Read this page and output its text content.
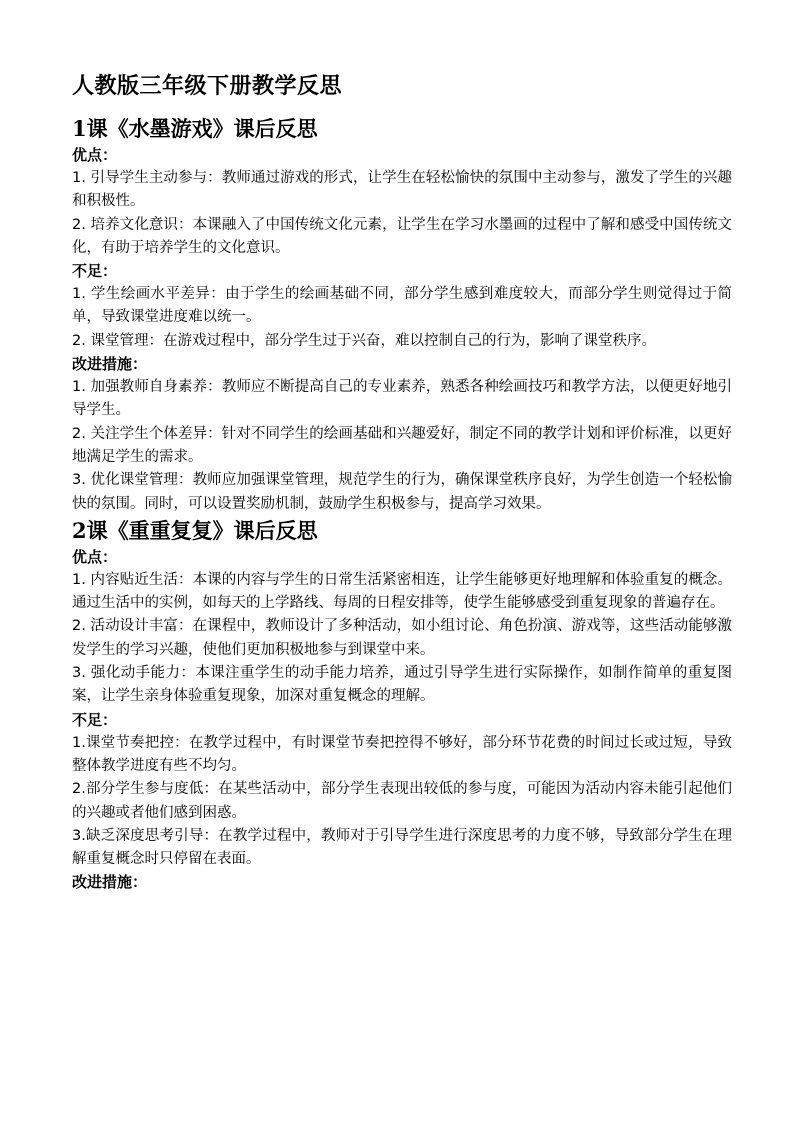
人教版三年级下册教学反思
1课《水墨游戏》课后反思

优点：

1. 引导学生主动参与：教师通过游戏的形式，让学生在轻松愉快的氛围中主动参与，激发了学生的兴趣和积极性。

2. 培养文化意识：本课融入了中国传统文化元素，让学生在学习水墨画的过程中了解和感受中国传统文化，有助于培养学生的文化意识。

不足：

1. 学生绘画水平差异：由于学生的绘画基础不同，部分学生感到难度较大，而部分学生则觉得过于简单，导致课堂进度难以统一。

2. 课堂管理：在游戏过程中，部分学生过于兴奋，难以控制自己的行为，影响了课堂秩序。

改进措施：

1. 加强教师自身素养：教师应不断提高自己的专业素养，熟悉各种绘画技巧和教学方法，以便更好地引导学生。

2. 关注学生个体差异：针对不同学生的绘画基础和兴趣爱好，制定不同的教学计划和评价标准，以更好地满足学生的需求。

3. 优化课堂管理：教师应加强课堂管理，规范学生的行为，确保课堂秩序良好，为学生创造一个轻松愉快的氛围。同时，可以设置奖励机制，鼓励学生积极参与，提高学习效果。

2课《重重复复》课后反思

优点：

1. 内容贴近生活：本课的内容与学生的日常生活紧密相连，让学生能够更好地理解和体验重复的概念。通过生活中的实例，如每天的上学路线、每周的日程安排等，使学生能够感受到重复现象的普遍存在。

2. 活动设计丰富：在课程中，教师设计了多种活动，如小组讨论、角色扮演、游戏等，这些活动能够激发学生的学习兴趣，使他们更加积极地参与到课堂中来。

3. 强化动手能力：本课注重学生的动手能力培养，通过引导学生进行实际操作，如制作简单的重复图案，让学生亲身体验重复现象，加深对重复概念的理解。

不足：

1.课堂节奏把控：在教学过程中，有时课堂节奏把控得不够好，部分环节花费的时间过长或过短，导致整体教学进度有些不均匀。

2.部分学生参与度低：在某些活动中，部分学生表现出较低的参与度，可能因为活动内容未能引起他们的兴趣或者他们感到困惑。

3.缺乏深度思考引导：在教学过程中，教师对于引导学生进行深度思考的力度不够，导致部分学生在理解重复概念时只停留在表面。

改进措施：
